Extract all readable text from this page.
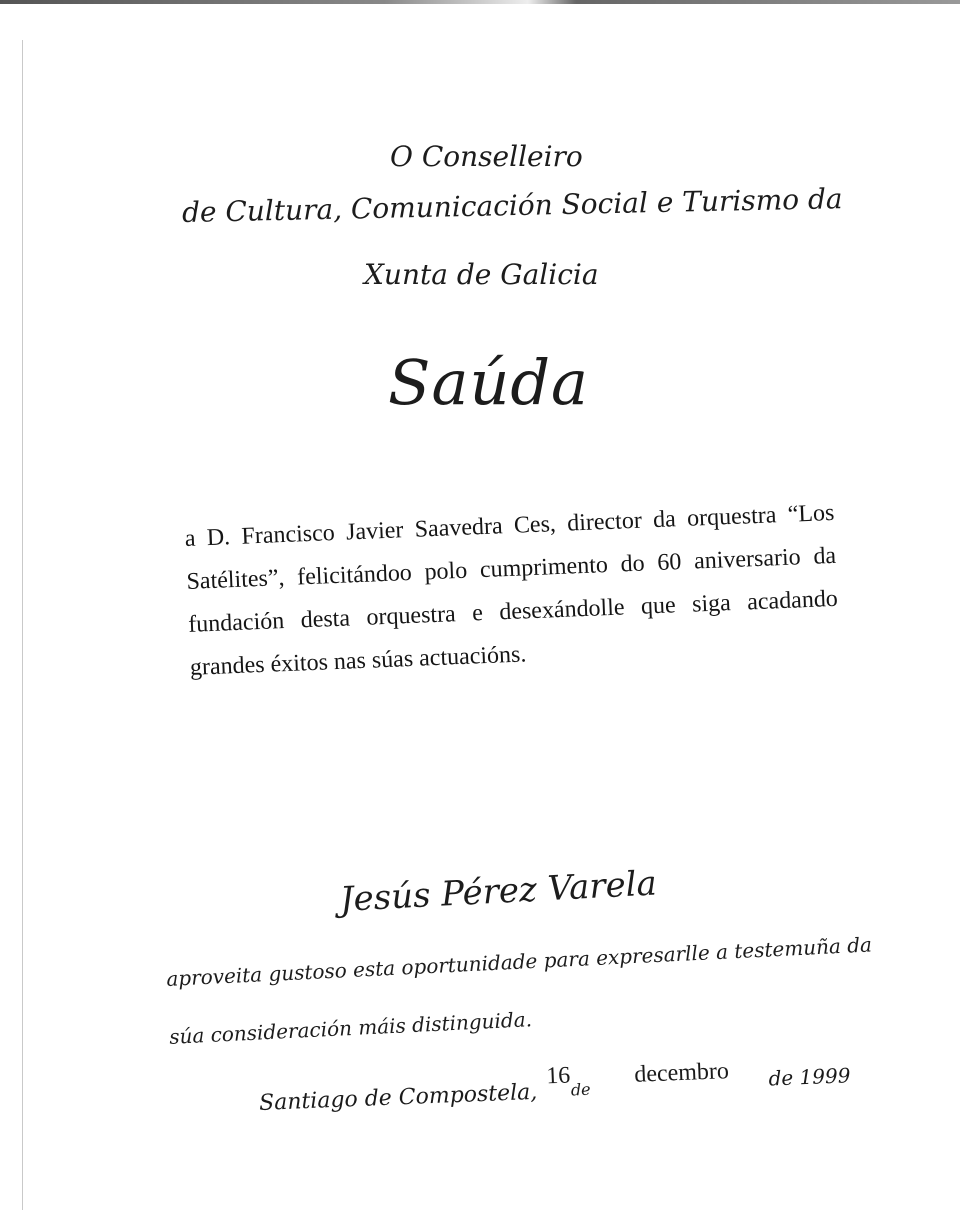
O Conselleiro
de Cultura, Comunicación Social e Turismo da
Xunta de Galicia
Saúda
a D. Francisco Javier Saavedra Ces, director da orquestra “Los Satélites”, felicitándoo polo cumprimento do 60 aniversario da fundación desta orquestra e desexándolle que siga acadando grandes éxitos nas súas actuacións.
Jesús Pérez Varela
aproveita gustoso esta oportunidade para expresarlle a testemuña da
súa consideración máis distinguida.
Santiago de Compostela,
16
de
decembro de 1999
